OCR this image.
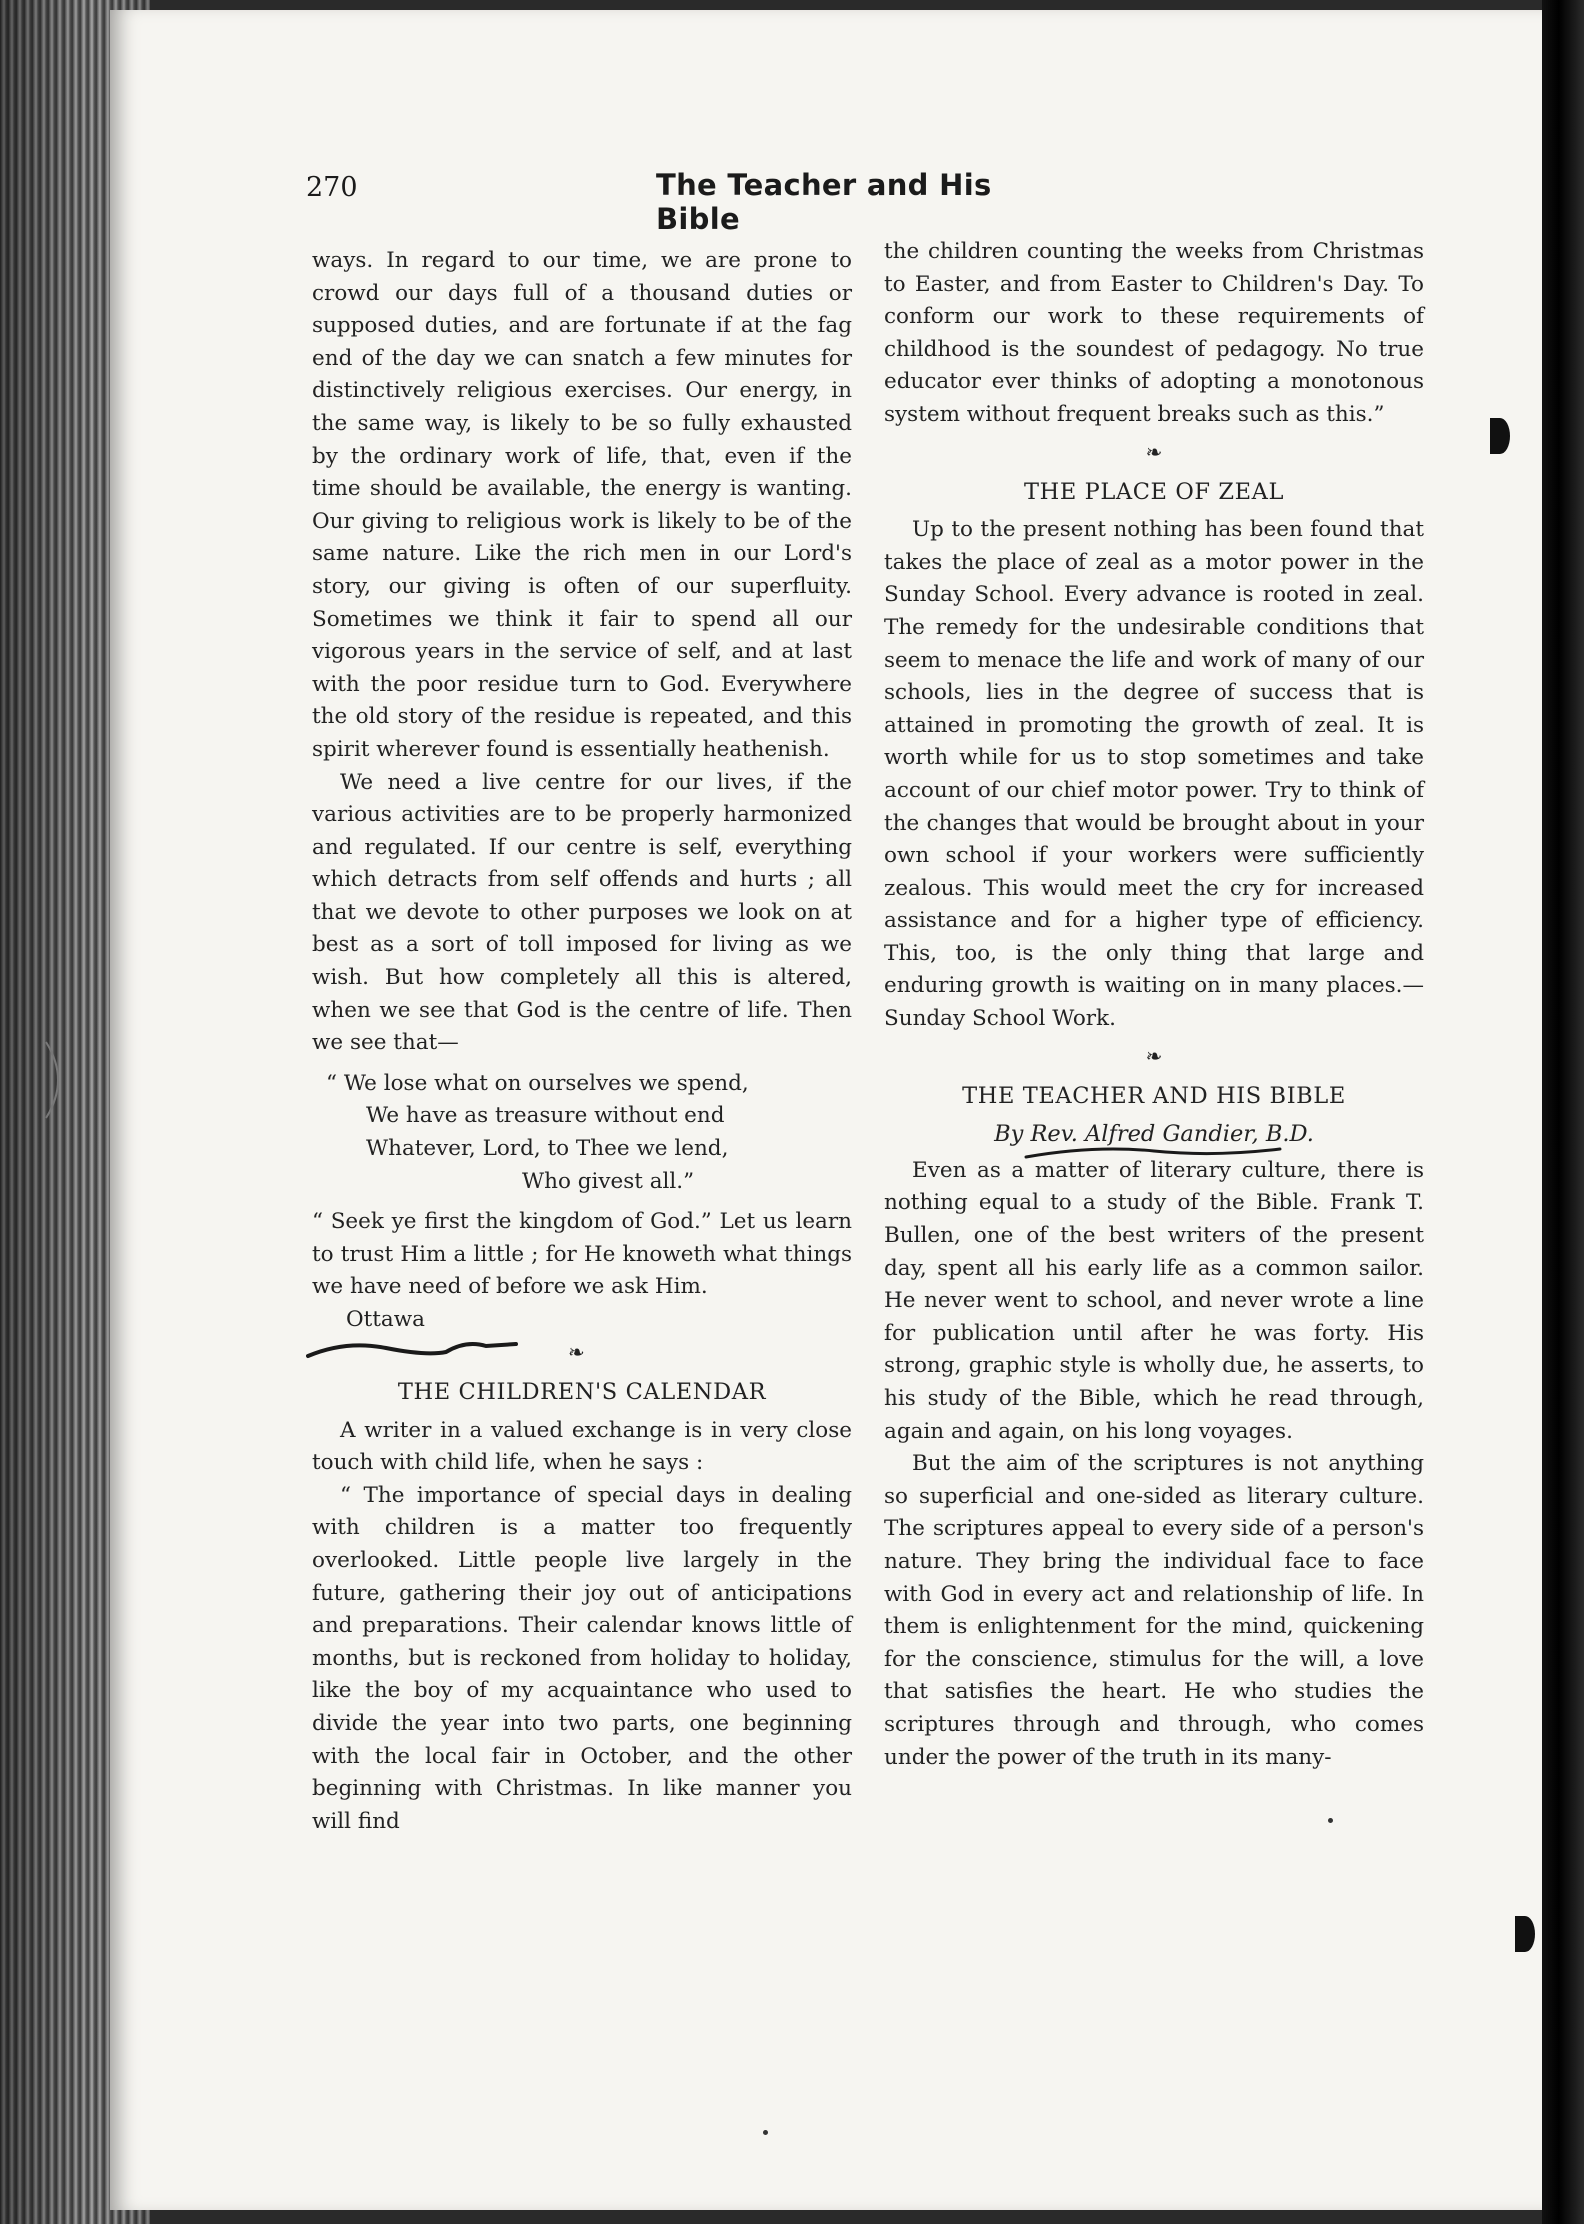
270	The Teacher and His Bible

ways. In regard to our time, we are prone to crowd our days full of a thousand duties or supposed duties, and are fortunate if at the fag end of the day we can snatch a few minutes for distinctively religious exercises. Our energy, in the same way, is likely to be so fully exhausted by the ordinary work of life, that, even if the time should be available, the energy is wanting. Our giving to religious work is likely to be of the same nature. Like the rich men in our Lord's story, our giving is often of our superfluity. Sometimes we think it fair to spend all our vigorous years in the service of self, and at last with the poor residue turn to God. Everywhere the old story of the residue is repeated, and this spirit wherever found is essentially heathenish.

We need a live centre for our lives, if the various activities are to be properly harmonized and regulated. If our centre is self, everything which detracts from self offends and hurts ; all that we devote to other purposes we look on at best as a sort of toll imposed for living as we wish. But how completely all this is altered, when we see that God is the centre of life. Then we see that—

“ We lose what on ourselves we spend,
We have as treasure without end
Whatever, Lord, to Thee we lend,
Who givest all.”

“ Seek ye first the kingdom of God.” Let us learn to trust Him a little ; for He knoweth what things we have need of before we ask Him.

Ottawa
❧
THE CHILDREN'S CALENDAR

A writer in a valued exchange is in very close touch with child life, when he says :

“ The importance of special days in dealing with children is a matter too frequently overlooked. Little people live largely in the future, gathering their joy out of anticipations and preparations. Their calendar knows little of months, but is reckoned from holiday to holiday, like the boy of my acquaintance who used to divide the year into two parts, one beginning with the local fair in October, and the other beginning with Christmas. In like manner you will find

the children counting the weeks from Christmas to Easter, and from Easter to Children's Day. To conform our work to these requirements of childhood is the soundest of pedagogy. No true educator ever thinks of adopting a monotonous system without frequent breaks such as this.”

❧
THE PLACE OF ZEAL

Up to the present nothing has been found that takes the place of zeal as a motor power in the Sunday School. Every advance is rooted in zeal. The remedy for the undesirable conditions that seem to menace the life and work of many of our schools, lies in the degree of success that is attained in promoting the growth of zeal. It is worth while for us to stop sometimes and take account of our chief motor power. Try to think of the changes that would be brought about in your own school if your workers were sufficiently zealous. This would meet the cry for increased assistance and for a higher type of efficiency. This, too, is the only thing that large and enduring growth is waiting on in many places.—Sunday School Work.

❧
THE TEACHER AND HIS BIBLE
By Rev. Alfred Gandier, B.D.

Even as a matter of literary culture, there is nothing equal to a study of the Bible. Frank T. Bullen, one of the best writers of the present day, spent all his early life as a common sailor. He never went to school, and never wrote a line for publication until after he was forty. His strong, graphic style is wholly due, he asserts, to his study of the Bible, which he read through, again and again, on his long voyages.

But the aim of the scriptures is not anything so superficial and one-sided as literary culture. The scriptures appeal to every side of a person's nature. They bring the individual face to face with God in every act and relationship of life. In them is enlightenment for the mind, quickening for the conscience, stimulus for the will, a love that satisfies the heart. He who studies the scriptures through and through, who comes under the power of the truth in its many-
